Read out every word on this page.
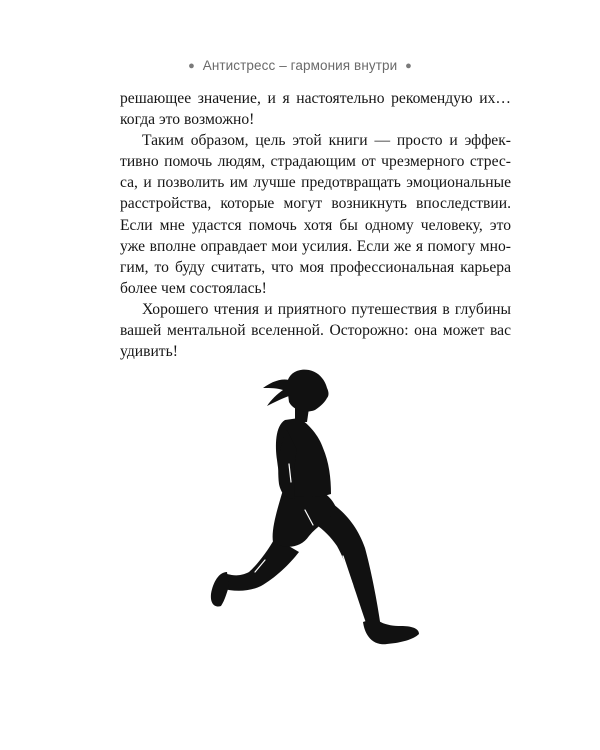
● Антистресс – гармония внутри ●
решающее значение, и я настоятельно рекомендую их…
когда это возможно!
Таким образом, цель этой книги — просто и эффек-
тивно помочь людям, страдающим от чрезмерного стрес-
са, и позволить им лучше предотвращать эмоциональные
расстройства, которые могут возникнуть впоследствии.
Если мне удастся помочь хотя бы одному человеку, это
уже вполне оправдает мои усилия. Если же я помогу мно-
гим, то буду считать, что моя профессиональная карьера
более чем состоялась!
Хорошего чтения и приятного путешествия в глубины
вашей ментальной вселенной. Осторожно: она может вас
удивить!
